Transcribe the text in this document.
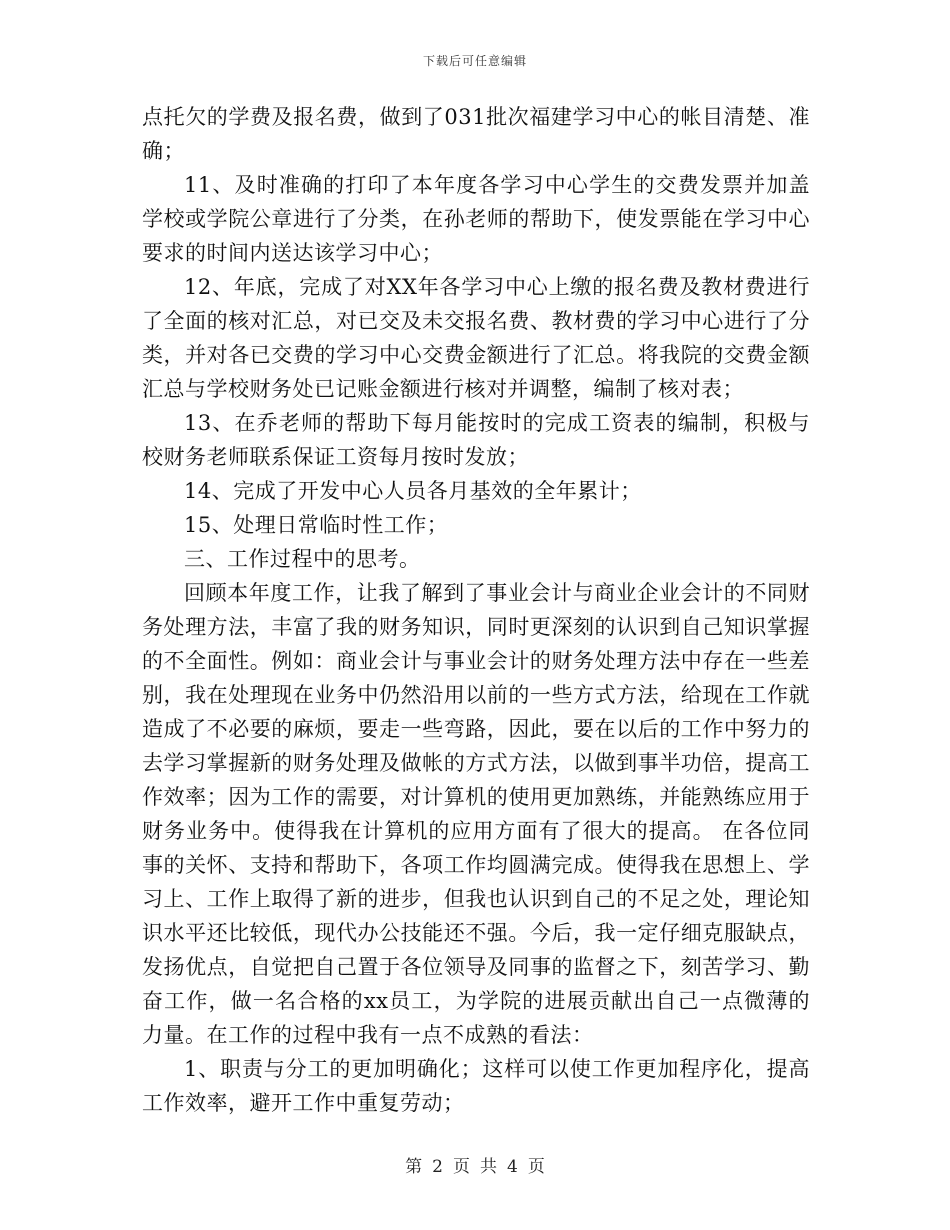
下载后可任意编辑

点托欠的学费及报名费，做到了031批次福建学习中心的帐目清楚、准确；

11、及时准确的打印了本年度各学习中心学生的交费发票并加盖学校或学院公章进行了分类，在孙老师的帮助下，使发票能在学习中心要求的时间内送达该学习中心；

12、年底，完成了对XX年各学习中心上缴的报名费及教材费进行了全面的核对汇总，对已交及未交报名费、教材费的学习中心进行了分类，并对各已交费的学习中心交费金额进行了汇总。将我院的交费金额汇总与学校财务处已记账金额进行核对并调整，编制了核对表；

13、在乔老师的帮助下每月能按时的完成工资表的编制，积极与校财务老师联系保证工资每月按时发放；

14、完成了开发中心人员各月基效的全年累计；

15、处理日常临时性工作；

三、工作过程中的思考。

回顾本年度工作，让我了解到了事业会计与商业企业会计的不同财务处理方法，丰富了我的财务知识，同时更深刻的认识到自己知识掌握的不全面性。例如：商业会计与事业会计的财务处理方法中存在一些差别，我在处理现在业务中仍然沿用以前的一些方式方法，给现在工作就造成了不必要的麻烦，要走一些弯路，因此，要在以后的工作中努力的去学习掌握新的财务处理及做帐的方式方法，以做到事半功倍，提高工作效率；因为工作的需要，对计算机的使用更加熟练，并能熟练应用于财务业务中。使得我在计算机的应用方面有了很大的提高。 在各位同事的关怀、支持和帮助下，各项工作均圆满完成。使得我在思想上、学习上、工作上取得了新的进步，但我也认识到自己的不足之处，理论知识水平还比较低，现代办公技能还不强。今后，我一定仔细克服缺点，发扬优点，自觉把自己置于各位领导及同事的监督之下，刻苦学习、勤奋工作，做一名合格的xx员工，为学院的进展贡献出自己一点微薄的力量。在工作的过程中我有一点不成熟的看法：

1、职责与分工的更加明确化；这样可以使工作更加程序化，提高工作效率，避开工作中重复劳动；

第 2 页 共 4 页
